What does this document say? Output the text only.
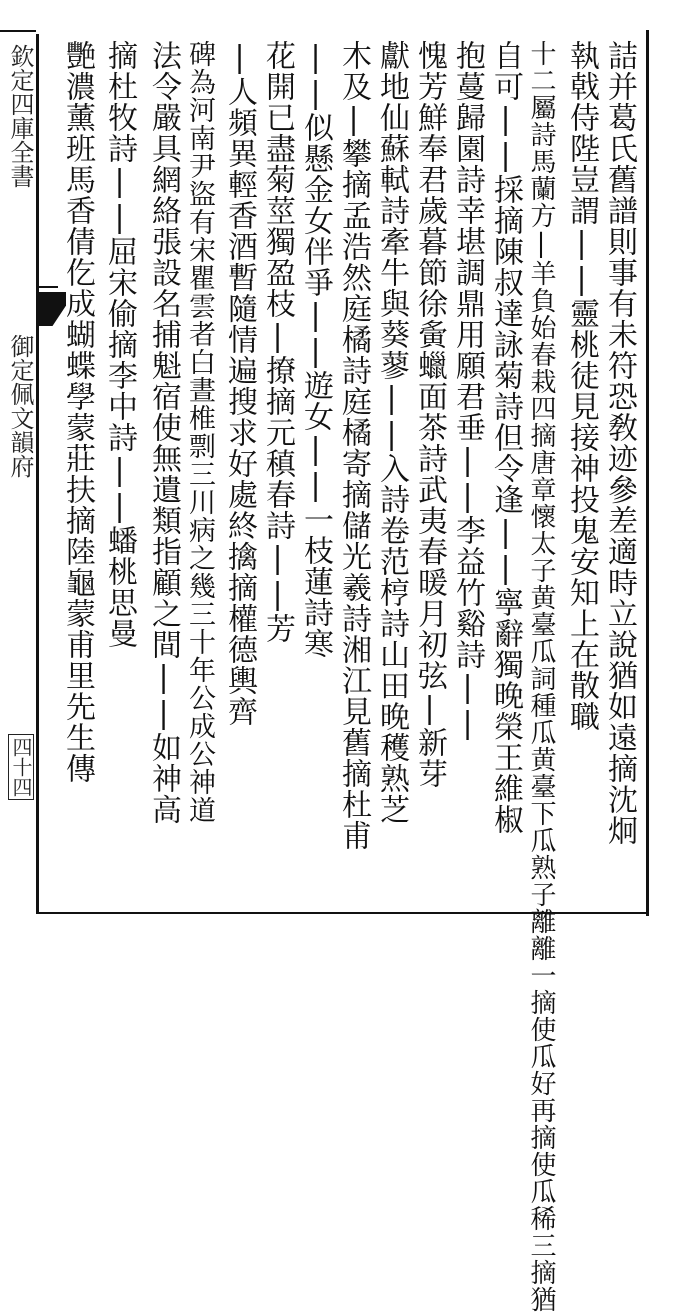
欽定四庫全書
御定佩文韻府
四十四	詰并葛氏舊譜則事有未符恐敎迹參差適時立說猶如遠摘沈炯
執戟侍陛豈謂||靈桃徒見接神投鬼安知上在散職
十二屬詩馬蘭方|羊負始春栽四摘唐章懷太子黄臺瓜詞種瓜黄臺下瓜熟子離離一摘使瓜好再摘使瓜稀三摘猶
自可||採摘陳叔達詠菊詩但令逢||寧辭獨晚榮王維椒
抱蔓歸園詩幸堪調鼎用願君垂||李益竹谿詩||
愧芳鮮奉君歲暮節徐夤蠟面茶詩武夷春暖月初弦|新芽
獻地仙蘇軾詩牽牛與葵蓼||入詩卷范梈詩山田晚穫熟芝
木及|攀摘孟浩然庭橘詩庭橘寄摘儲光羲詩湘江見舊摘杜甫
||似懸金女伴爭||遊女||一枝蓮詩寒
花開已盡菊莖獨盈枝|撩摘元稹春詩||芳
|人頻異輕香酒暫隨情遍搜求好處終擒摘權德輿齊
碑為河南尹盜有宋瞿雲者白晝椎剽三川病之幾三十年公成公神道
法令嚴具網絡張設名捕魁宿使無遺類指顧之間||如神高
摘杜牧詩||屈宋偷摘李中詩||蟠桃思曼
艷濃薰班馬香倩仡成蝴蝶學蒙莊扶摘陸龜蒙甫里先生傳
